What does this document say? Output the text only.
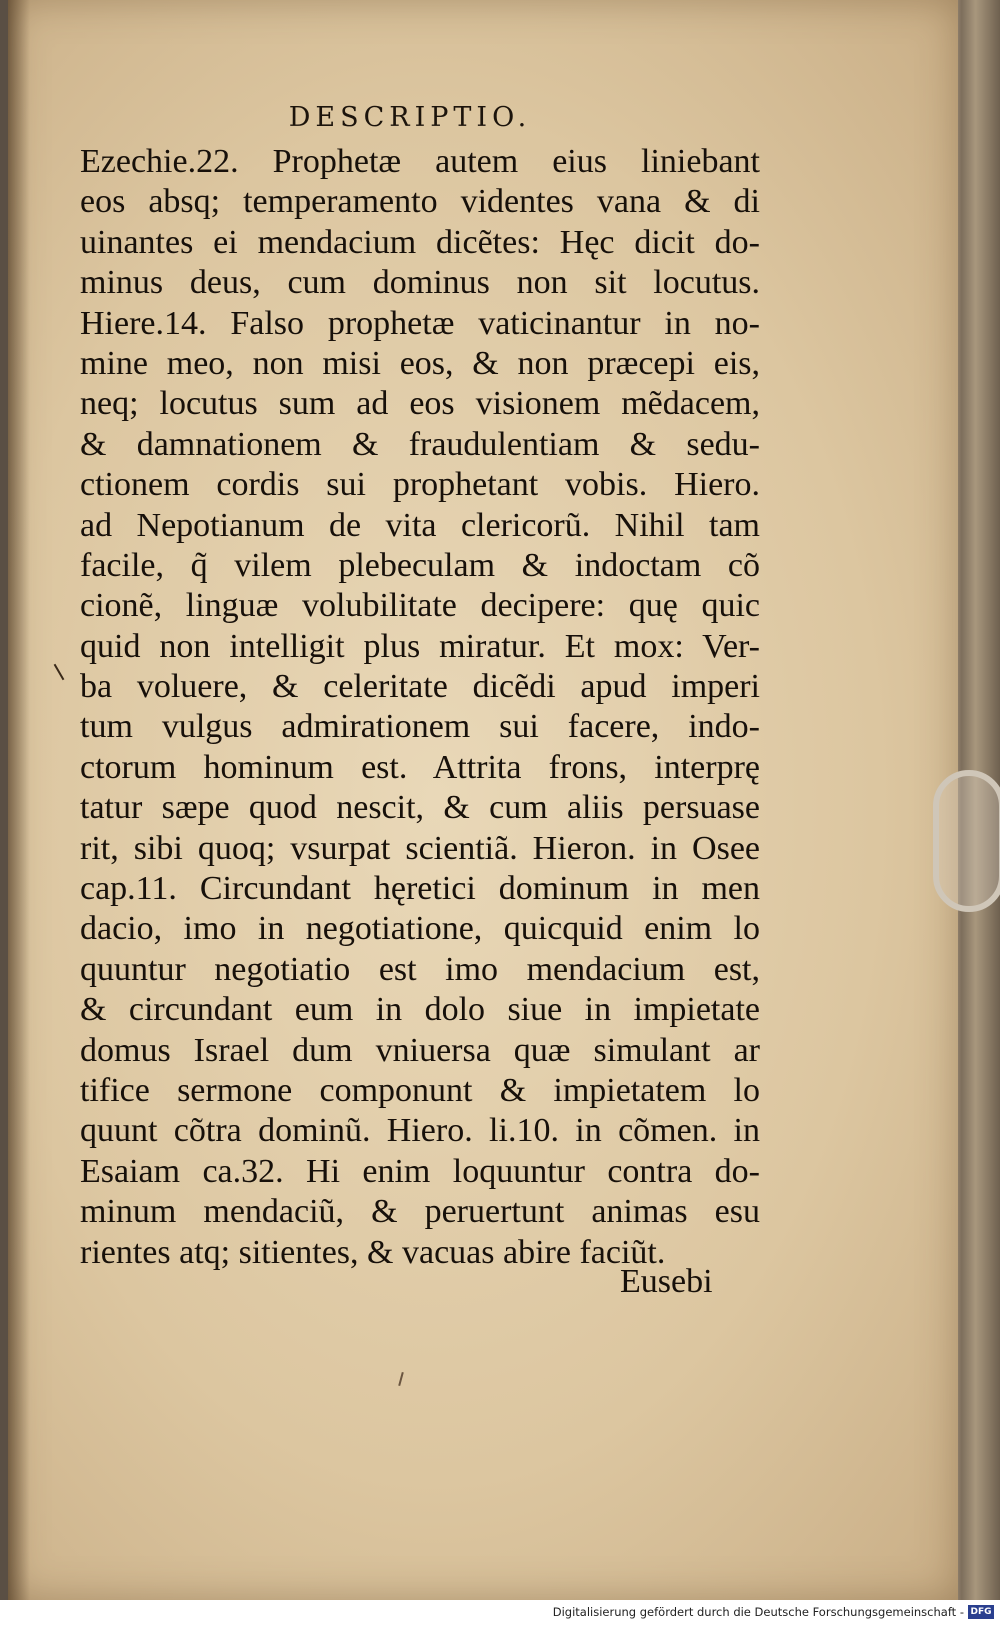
DESCRIPTIO.
Ezechie.22. Prophetæ autem eius liniebant
eos absq; temperamento videntes vana & di
uinantes ei mendacium dicẽtes: Hęc dicit do-
minus deus, cum dominus non sit locutus.
Hiere.14. Falso prophetæ vaticinantur in no-
mine meo, non misi eos, & non præcepi eis,
neq; locutus sum ad eos visionem mẽdacem,
& damnationem & fraudulentiam & sedu-
ctionem cordis sui prophetant vobis. Hiero.
ad Nepotianum de vita clericorũ. Nihil tam
facile, q̃ vilem plebeculam & indoctam cõ
cionẽ, linguæ volubilitate decipere: quę quic
quid non intelligit plus miratur. Et mox: Ver-
ba voluere, & celeritate dicẽdi apud imperi
tum vulgus admirationem sui facere, indo-
ctorum hominum est. Attrita frons, interprę
tatur sæpe quod nescit, & cum aliis persuase
rit, sibi quoq; vsurpat scientiã. Hieron. in Osee
cap.11. Circundant hęretici dominum in men
dacio, imo in negotiatione, quicquid enim lo
quuntur negotiatio est imo mendacium est,
& circundant eum in dolo siue in impietate
domus Israel dum vniuersa quæ simulant ar
tifice sermone componunt & impietatem lo
quunt cõtra dominũ. Hiero. li.10. in cõmen. in
Esaiam ca.32. Hi enim loquuntur contra do-
minum mendaciũ, & peruertunt animas esu
rientes atq; sitientes, & vacuas abire faciũt.
Eusebi
Digitalisierung gefördert durch die Deutsche Forschungsgemeinschaft - DFG
